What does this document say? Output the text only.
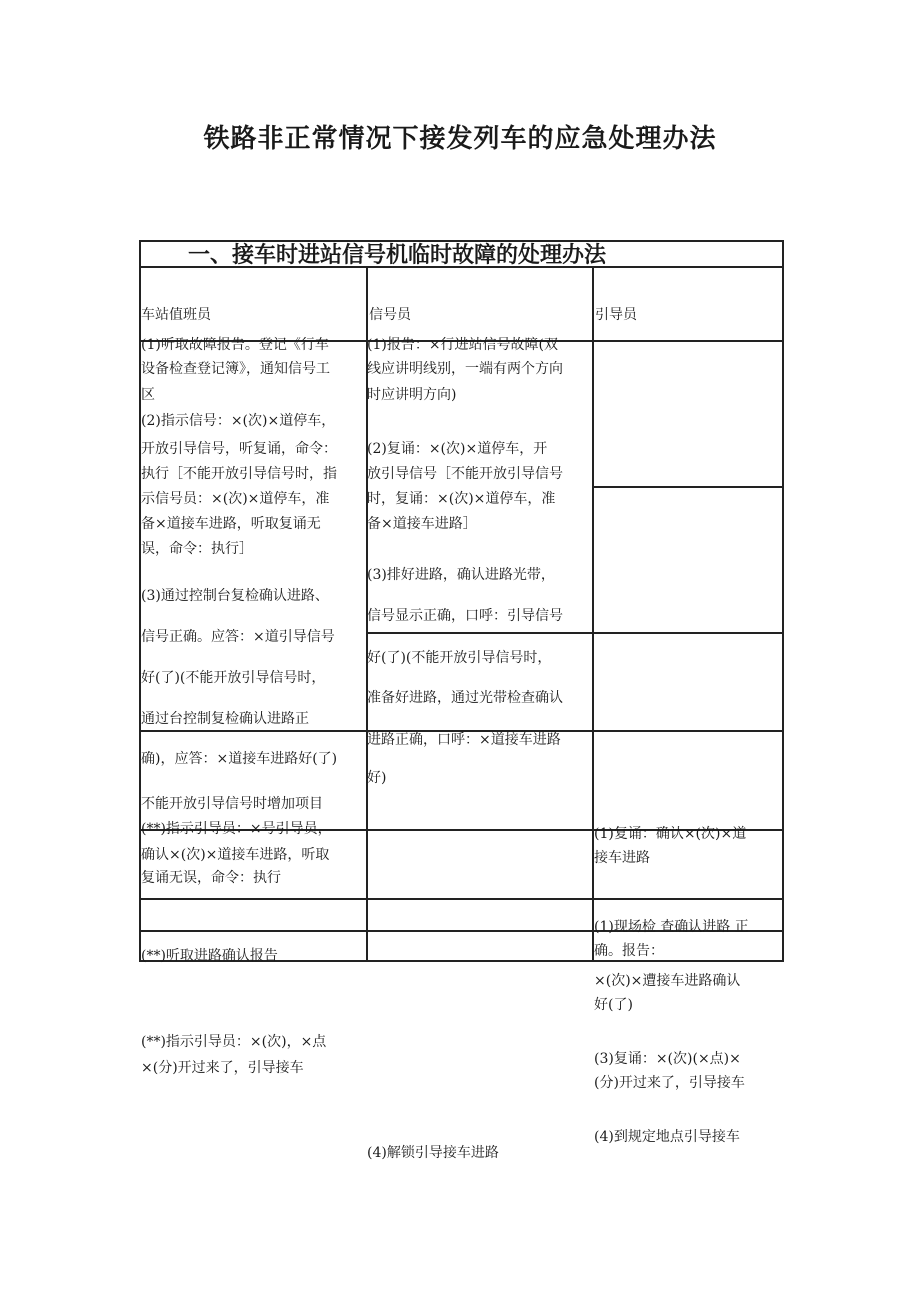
铁路非正常情况下接发列车的应急处理办法
一、接车时进站信号机临时故障的处理办法
车站值班员	信号员	引导员
(1)听取故障报告。登记《行车
设备检查登记簿》，通知信号工
区
(2)指示信号：×(次)×道停车，
开放引导信号，听复诵，命令：
执行［不能开放引导信号时，指
示信号员：×(次)×道停车，准
备×道接车进路，听取复诵无
误，命令：执行］
(3)通过控制台复检确认进路、
信号正确。应答：×道引导信号
好(了)(不能开放引导信号时，
通过台控制复检确认进路正
确)，应答：×道接车进路好(了)
不能开放引导信号时增加项目
(**)指示引导员：×号引导员，
确认×(次)×道接车进路，听取
复诵无误，命令：执行
(**)听取进路确认报告
(**)指示引导员：×(次)，×点
×(分)开过来了，引导接车
(1)报告：×行进站信号故障(双
线应讲明线别，一端有两个方向
时应讲明方向)
(2)复诵：×(次)×道停车，开
放引导信号［不能开放引导信号
时，复诵：×(次)×道停车，准
备×道接车进路］
(3)排好进路，确认进路光带，
信号显示正确，口呼：引导信号
好(了)(不能开放引导信号时，
准备好进路，通过光带检查确认
进路正确，口呼：×道接车进路
好)
(4)解锁引导接车进路
(1)复诵：确认×(次)×道
接车进路
(1)现场检 查确认进路 正
确。报告：
×(次)×遭接车进路确认
好(了)
(3)复诵：×(次)(×点)×
(分)开过来了，引导接车
(4)到规定地点引导接车
